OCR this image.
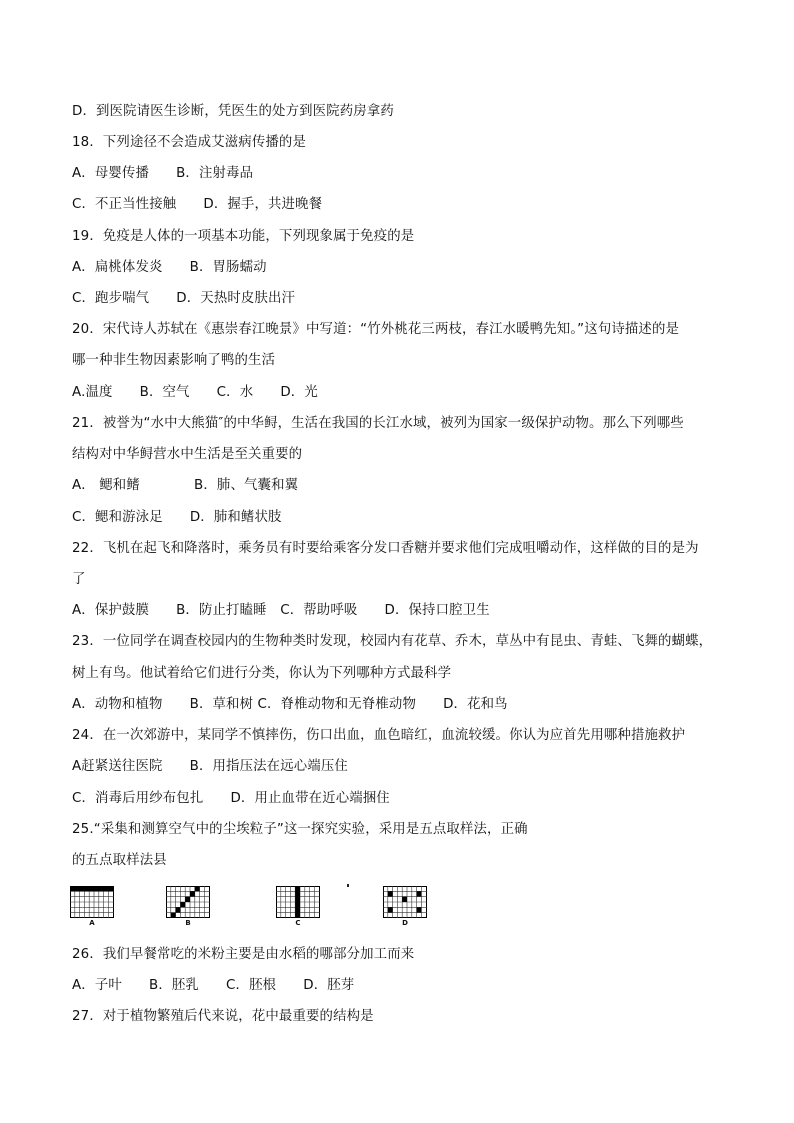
D．到医院请医生诊断，凭医生的处方到医院药房拿药
18．下列途径不会造成艾滋病传播的是
A．母婴传播　　B．注射毒品
C．不正当性接触　　D．握手，共进晚餐
19．免疫是人体的一项基本功能，下列现象属于免疫的是
A．扁桃体发炎　　B．胃肠蠕动
C．跑步喘气　　D．天热时皮肤出汗
20．宋代诗人苏轼在《惠崇春江晚景》中写道：“竹外桃花三两枝，春江水暖鸭先知。”这句诗描述的是
哪一种非生物因素影响了鸭的生活
A.温度　　B．空气　　C．水　　D．光
21．被誉为“水中大熊猫″的中华鲟，生活在我国的长江水域，被列为国家一级保护动物。那么下列哪些
结构对中华鲟营水中生活是至关重要的
A． 鳃和鳍　　　　B．肺、气囊和翼
C．鳃和游泳足　　D．肺和鳍状肢
22．飞机在起飞和降落时，乘务员有时要给乘客分发口香糖并要求他们完成咀嚼动作，这样做的目的是为
了
A．保护鼓膜　　B．防止打瞌睡　C．帮助呼吸　　D．保持口腔卫生
23．一位同学在调查校园内的生物种类时发现，校园内有花草、乔木，草丛中有昆虫、青蛙、飞舞的蝴蝶，
树上有鸟。他试着给它们进行分类，你认为下列哪种方式最科学
A．动物和植物　　B．草和树 C．脊椎动物和无脊椎动物　　D．花和鸟
24．在一次郊游中，某同学不慎摔伤，伤口出血，血色暗红，血流较缓。你认为应首先用哪种措施救护
A赶紧送往医院　　B．用指压法在远心端压住
C．消毒后用纱布包扎　　D．用止血带在近心端捆住
25.“采集和测算空气中的尘埃粒子”这一探究实验，采用是五点取样法，正确
的五点取样法县
26．我们早餐常吃的米粉主要是由水稻的哪部分加工而来
A．子叶　　B．胚乳　　C．胚根　　D．胚芽
27．对于植物繁殖后代来说，花中最重要的结构是
A	B	C	D
